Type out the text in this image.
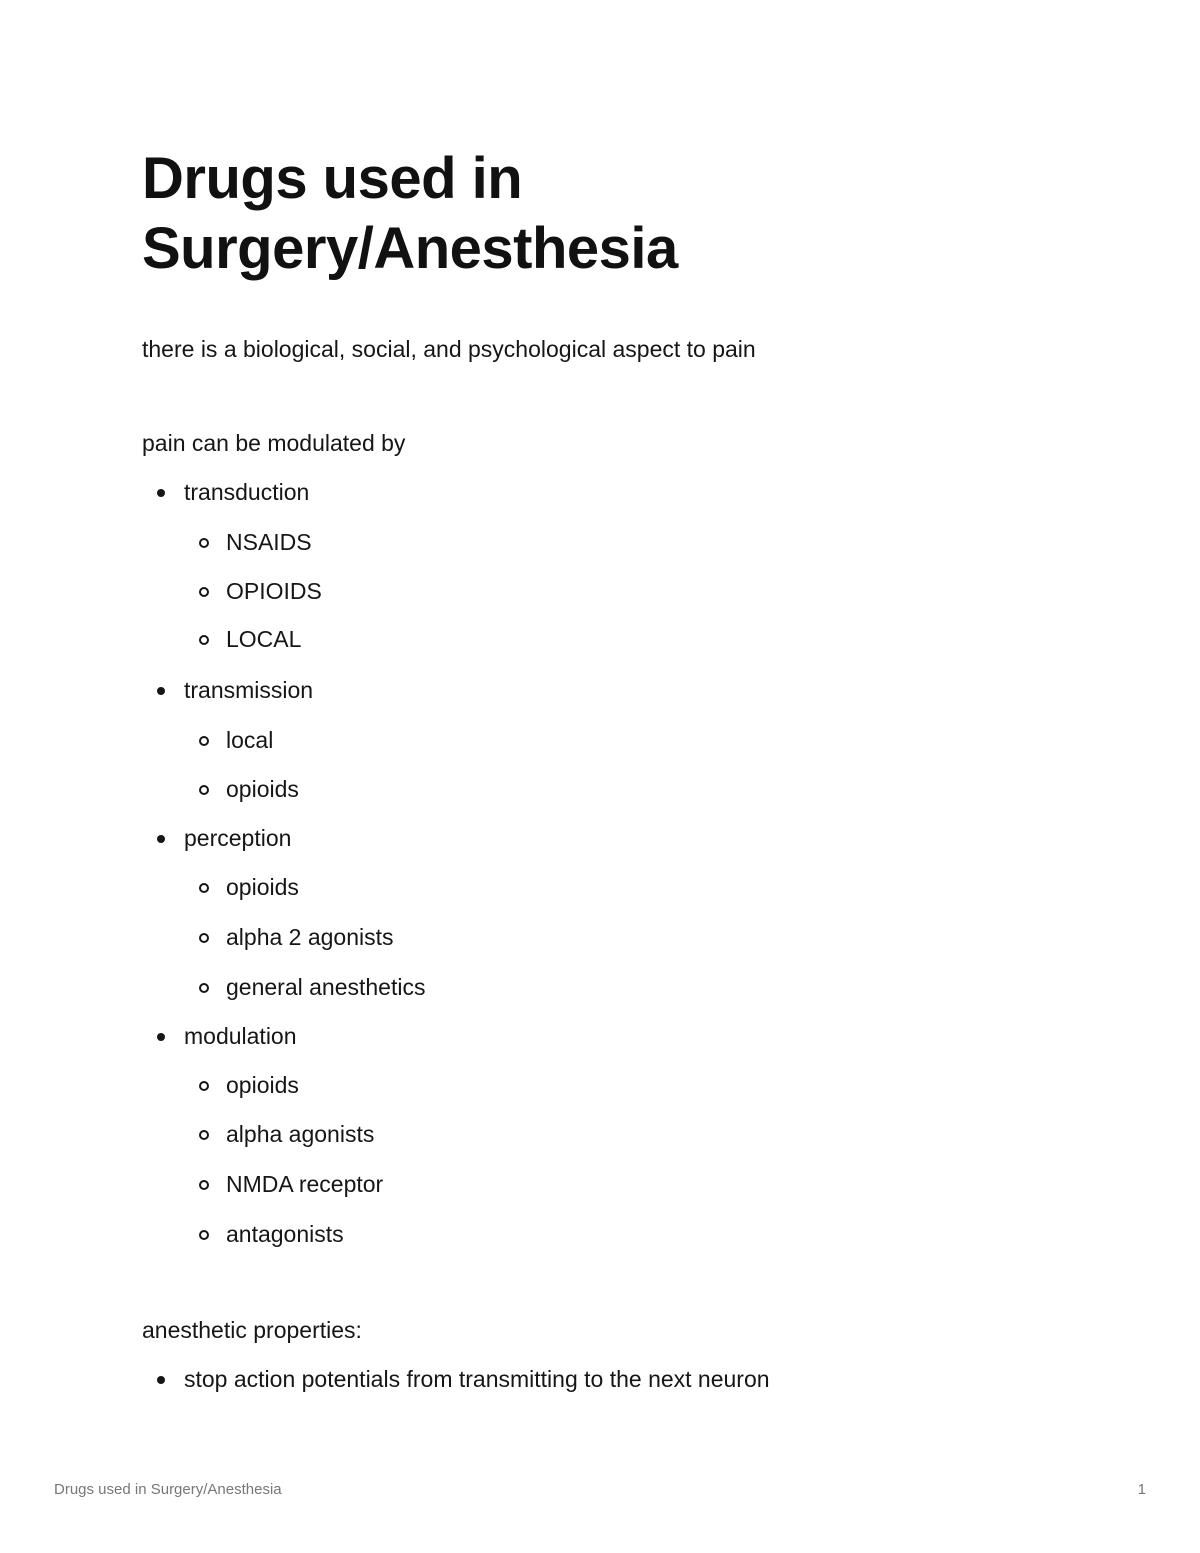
Drugs used in
Surgery/Anesthesia

there is a biological, social, and psychological aspect to pain

pain can be modulated by

transduction
NSAIDS
OPIOIDS
LOCAL
transmission
local
opioids
perception
opioids
alpha 2 agonists
general anesthetics
modulation
opioids
alpha agonists
NMDA receptor
antagonists

anesthetic properties:

stop action potentials from transmitting to the next neuron
Drugs used in Surgery/Anesthesia	1
